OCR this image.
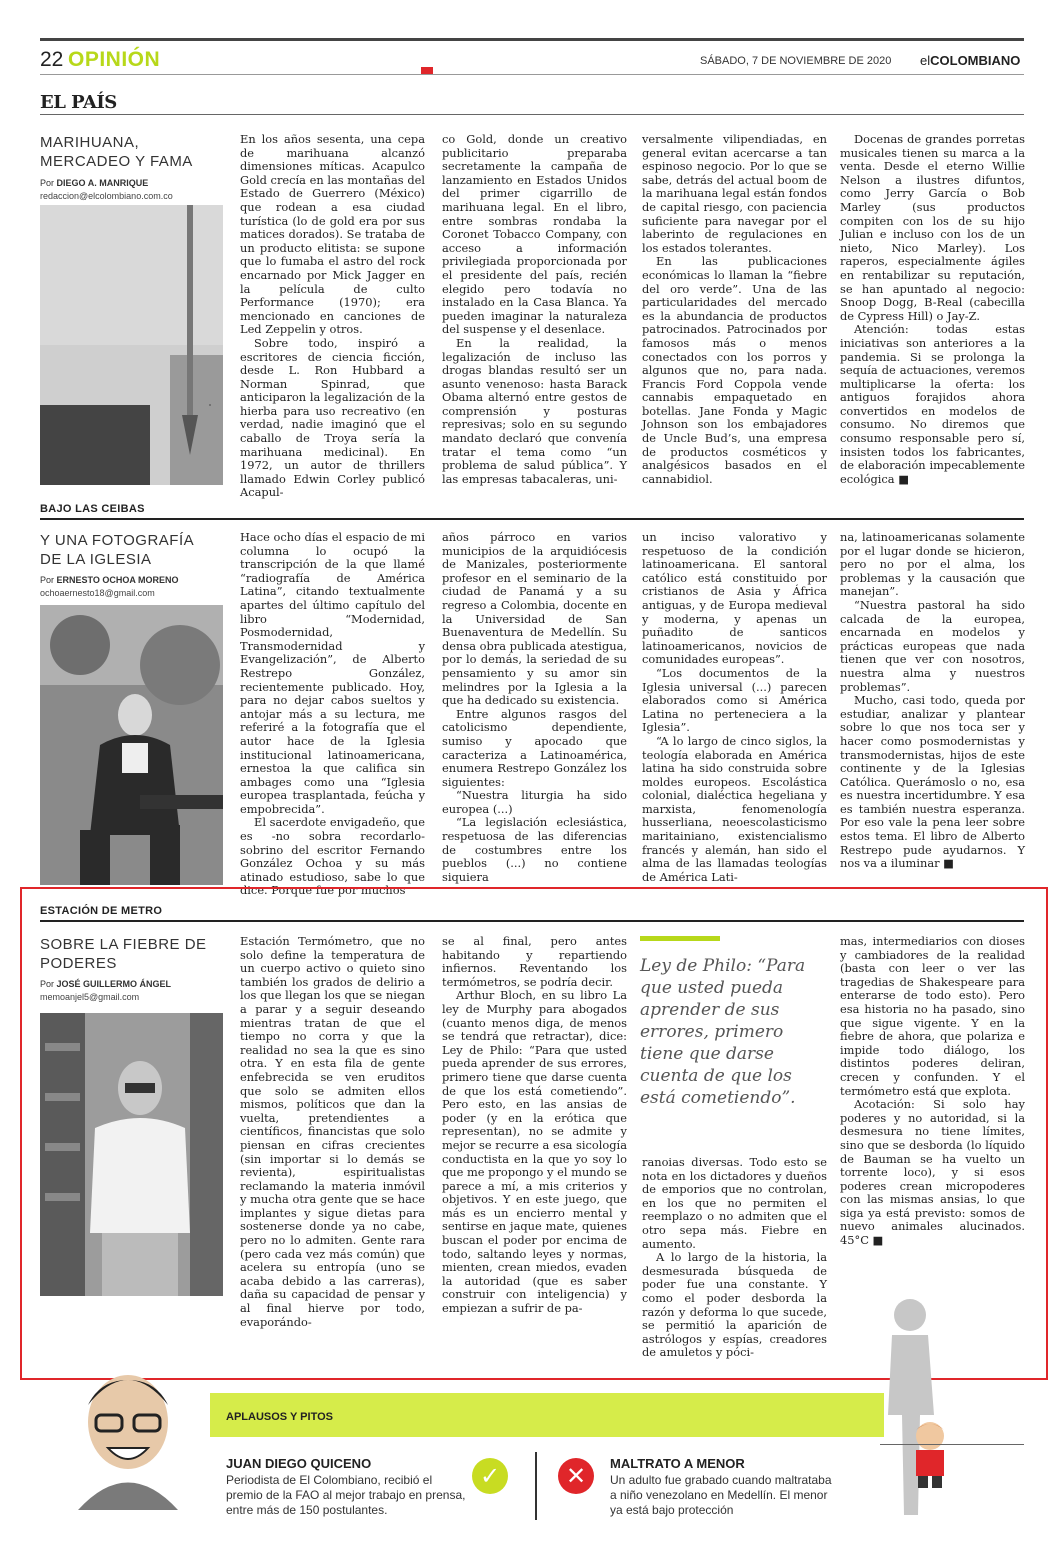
22 OPINIÓN	SÁBADO, 7 DE NOVIEMBRE DE 2020 elCOLOMBIANO
EL PAÍS
MARIHUANA, MERCADEO Y FAMA
Por DIEGO A. MANRIQUE
redaccion@elcolombiano.com.co

En los años sesenta, una cepa de marihuana alcanzó dimensiones míticas. Acapulco Gold crecía en las montañas del Estado de Guerrero (México) que rodean a esa ciudad turística (lo de gold era por sus matices dorados). Se trataba de un producto elitista: se supone que lo fumaba el astro del rock encarnado por Mick Jagger en la película de culto Performance (1970); era mencionado en canciones de Led Zeppelin y otros.

Sobre todo, inspiró a escritores de ciencia ficción, desde L. Ron Hubbard a Norman Spinrad, que anticiparon la legalización de la hierba para uso recreativo (en verdad, nadie imaginó que el caballo de Troya sería la marihuana medicinal). En 1972, un autor de thrillers llamado Edwin Corley publicó Acapul-

co Gold, donde un creativo publicitario preparaba secretamente la campaña de lanzamiento en Estados Unidos del primer cigarrillo de marihuana legal. En el libro, entre sombras rondaba la Coronet Tobacco Company, con acceso a información privilegiada proporcionada por el presidente del país, recién elegido pero todavía no instalado en la Casa Blanca. Ya pueden imaginar la naturaleza del suspense y el desenlace.

En la realidad, la legalización de incluso las drogas blandas resultó ser un asunto venenoso: hasta Barack Obama alternó entre gestos de comprensión y posturas represivas; solo en su segundo mandato declaró que convenía tratar el tema como “un problema de salud pública”. Y las empresas tabacaleras, uni-

versalmente vilipendiadas, en general evitan acercarse a tan espinoso negocio. Por lo que se sabe, detrás del actual boom de la marihuana legal están fondos de capital riesgo, con paciencia suficiente para navegar por el laberinto de regulaciones en los estados tolerantes.

En las publicaciones económicas lo llaman la “fiebre del oro verde”. Una de las particularidades del mercado es la abundancia de productos patrocinados. Patrocinados por famosos más o menos conectados con los porros y algunos que no, para nada. Francis Ford Coppola vende cannabis empaquetado en botellas. Jane Fonda y Magic Johnson son los embajadores de Uncle Bud’s, una empresa de productos cosméticos y analgésicos basados en el cannabidiol.

Docenas de grandes porretas musicales tienen su marca a la venta. Desde el eterno Willie Nelson a ilustres difuntos, como Jerry García o Bob Marley (sus productos compiten con los de su hijo Julian e incluso con los de un nieto, Nico Marley). Los raperos, especialmente ágiles en rentabilizar su reputación, se han apuntado al negocio: Snoop Dogg, B-Real (cabecilla de Cypress Hill) o Jay-Z.

Atención: todas estas iniciativas son anteriores a la pandemia. Si se prolonga la sequía de actuaciones, veremos multiplicarse la oferta: los antiguos forajidos ahora convertidos en modelos de consumo. No diremos que consumo responsable pero sí, insisten todos los fabricantes, de elaboración impecablemente ecológica ■

BAJO LAS CEIBAS
Y UNA FOTOGRAFÍA DE LA IGLESIA
Por ERNESTO OCHOA MORENO
ochoaernesto18@gmail.com

Hace ocho días el espacio de mi columna lo ocupó la transcripción de la que llamé “radiografía de América Latina”, citando textualmente apartes del último capítulo del libro “Modernidad, Posmodernidad, Transmodernidad y Evangelización”, de Alberto Restrepo González, recientemente publicado. Hoy, para no dejar cabos sueltos y antojar más a su lectura, me referiré a la fotografía que el autor hace de la Iglesia institucional latinoamericana, ernestoa la que califica sin ambages como una “Iglesia europea trasplantada, feúcha y empobrecida”.

El sacerdote envigadeño, que es -no sobra recordarlo- sobrino del escritor Fernando González Ochoa y su más atinado estudioso, sabe lo que dice. Porque fue por muchos

años párroco en varios municipios de la arquidiócesis de Manizales, posteriormente profesor en el seminario de la ciudad de Panamá y a su regreso a Colombia, docente en la Universidad de San Buenaventura de Medellín. Su densa obra publicada atestigua, por lo demás, la seriedad de su pensamiento y su amor sin melindres por la Iglesia a la que ha dedicado su existencia.

Entre algunos rasgos del catolicismo dependiente, sumiso y apocado que caracteriza a Latinoamérica, enumera Restrepo González los siguientes:

“Nuestra liturgia ha sido europea (...)

“La legislación eclesiástica, respetuosa de las diferencias de costumbres entre los pueblos (...) no contiene siquiera

un inciso valorativo y respetuoso de la condición latinoamericana. El santoral católico está constituido por cristianos de Asia y África antiguas, y de Europa medieval y moderna, y apenas un puñadito de santicos latinoamericanos, novicios de comunidades europeas”.

“Los documentos de la Iglesia universal (...) parecen elaborados como si América Latina no perteneciera a la Iglesia”.

“A lo largo de cinco siglos, la teología elaborada en América latina ha sido construida sobre moldes europeos. Escolástica colonial, dialéctica hegeliana y marxista, fenomenología husserliana, neoescolasticismo maritainiano, existencialismo francés y alemán, han sido el alma de las llamadas teologías de América Lati-

na, latinoamericanas solamente por el lugar donde se hicieron, pero no por el alma, los problemas y la causación que manejan”.

“Nuestra pastoral ha sido calcada de la europea, encarnada en modelos y prácticas europeas que nada tienen que ver con nosotros, nuestra alma y nuestros problemas”.

Mucho, casi todo, queda por estudiar, analizar y plantear sobre lo que nos toca ser y hacer como posmodernistas y transmodernistas, hijos de este continente y de la Iglesias Católica. Querámoslo o no, esa es nuestra incertidumbre. Y esa es también nuestra esperanza. Por eso vale la pena leer sobre estos tema. El libro de Alberto Restrepo pude ayudarnos. Y nos va a iluminar ■

ESTACIÓN DE METRO
SOBRE LA FIEBRE DE PODERES
Por JOSÉ GUILLERMO ÁNGEL
memoanjel5@gmail.com

Estación Termómetro, que no solo define la temperatura de un cuerpo activo o quieto sino también los grados de delirio a los que llegan los que se niegan a parar y a seguir deseando mientras tratan de que el tiempo no corra y que la realidad no sea la que es sino otra. Y en esta fila de gente enfebrecida se ven eruditos que solo se admiten ellos mismos, políticos que dan la vuelta, pretendientes a científicos, financistas que solo piensan en cifras crecientes (sin importar si lo demás se revienta), espiritualistas reclamando la materia inmóvil y mucha otra gente que se hace implantes y sigue dietas para sostenerse donde ya no cabe, pero no lo admiten. Gente rara (pero cada vez más común) que acelera su entropía (uno se acaba debido a las carreras), daña su capacidad de pensar y al final hierve por todo, evaporándo-

se al final, pero antes habitando y repartiendo infiernos. Reventando los termómetros, se podría decir.

Arthur Bloch, en su libro La ley de Murphy para abogados (cuanto menos diga, de menos se tendrá que retractar), dice: Ley de Philo: “Para que usted pueda aprender de sus errores, primero tiene que darse cuenta de que los está cometiendo”. Pero esto, en las ansias de poder (y en la erótica que representan), no se admite y mejor se recurre a esa sicología conductista en la que yo soy lo que me propongo y el mundo se parece a mí, a mis criterios y objetivos. Y en este juego, que más es un encierro mental y sentirse en jaque mate, quienes buscan el poder por encima de todo, saltando leyes y normas, mienten, crean miedos, evaden la autoridad (que es saber construir con inteligencia) y empiezan a sufrir de pa-

Ley de Philo: “Para que usted pueda aprender de sus errores, primero tiene que darse cuenta de que los está cometiendo”.

ranoias diversas. Todo esto se nota en los dictadores y dueños de emporios que no controlan, en los que no permiten el reemplazo o no admiten que el otro sepa más. Fiebre en aumento.

A lo largo de la historia, la desmesurada búsqueda de poder fue una constante. Y como el poder desborda la razón y deforma lo que sucede, se permitió la aparición de astrólogos y espías, creadores de amuletos y póci-

mas, intermediarios con dioses y cambiadores de la realidad (basta con leer o ver las tragedias de Shakespeare para enterarse de todo esto). Pero esa historia no ha pasado, sino que sigue vigente. Y en la fiebre de ahora, que polariza e impide todo diálogo, los distintos poderes deliran, crecen y confunden. Y el termómetro está que explota.

Acotación: Si solo hay poderes y no autoridad, si la desmesura no tiene límites, sino que se desborda (lo líquido de Bauman se ha vuelto un torrente loco), y si esos poderes crean micropoderes con las mismas ansias, lo que siga ya está previsto: somos de nuevo animales alucinados. 45°C ■

APLAUSOS Y PITOS
JUAN DIEGO QUICENO
Periodista de El Colombiano, recibió el premio de la FAO al mejor trabajo en prensa, entre más de 150 postulantes.
✓	✕	MALTRATO A MENOR
Un adulto fue grabado cuando maltrataba a niño venezolano en Medellín. El menor ya está bajo protección
